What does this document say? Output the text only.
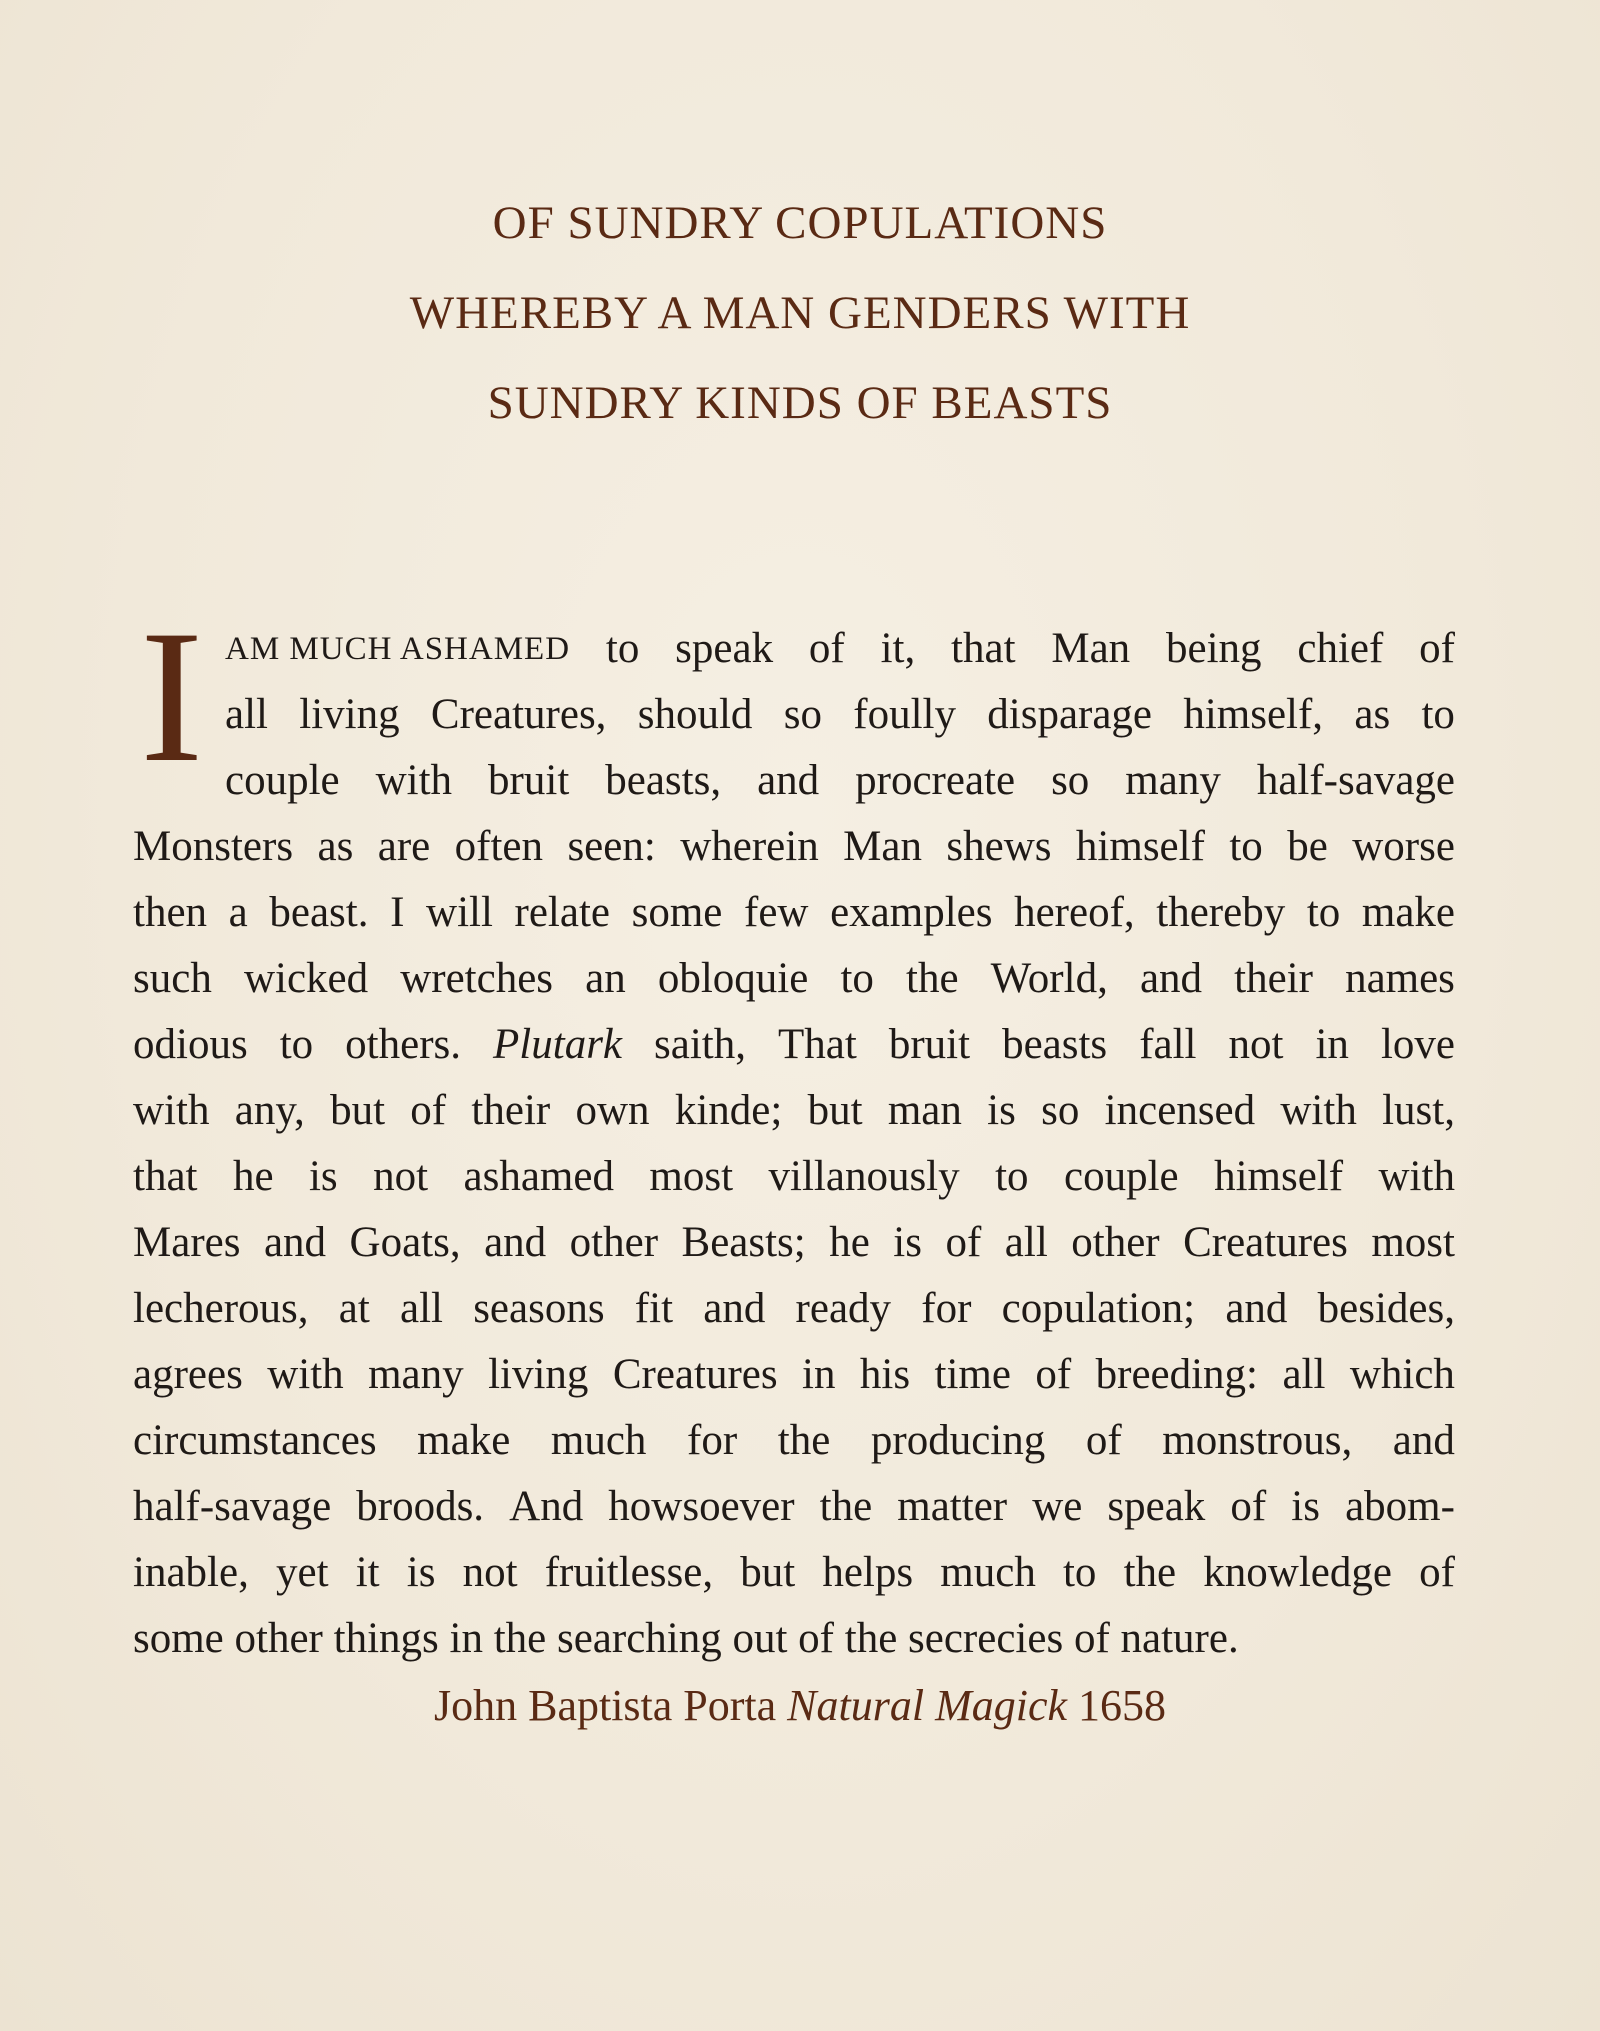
OF SUNDRY COPULATIONS
WHEREBY A MAN GENDERS WITH
SUNDRY KINDS OF BEASTS
I AM MUCH ASHAMED to speak of it, that Man being chief of
all living Creatures, should so foully disparage himself, as to
couple with bruit beasts, and procreate so many half-savage
Monsters as are often seen: wherein Man shews himself to be worse
then a beast. I will relate some few examples hereof, thereby to make
such wicked wretches an obloquie to the World, and their names
odious to others. Plutark saith, That bruit beasts fall not in love
with any, but of their own kinde; but man is so incensed with lust,
that he is not ashamed most villanously to couple himself with
Mares and Goats, and other Beasts; he is of all other Creatures most
lecherous, at all seasons fit and ready for copulation; and besides,
agrees with many living Creatures in his time of breeding: all which
circumstances make much for the producing of monstrous, and
half-savage broods. And howsoever the matter we speak of is abom-
inable, yet it is not fruitlesse, but helps much to the knowledge of
some other things in the searching out of the secrecies of nature.
John Baptista Porta Natural Magick 1658
